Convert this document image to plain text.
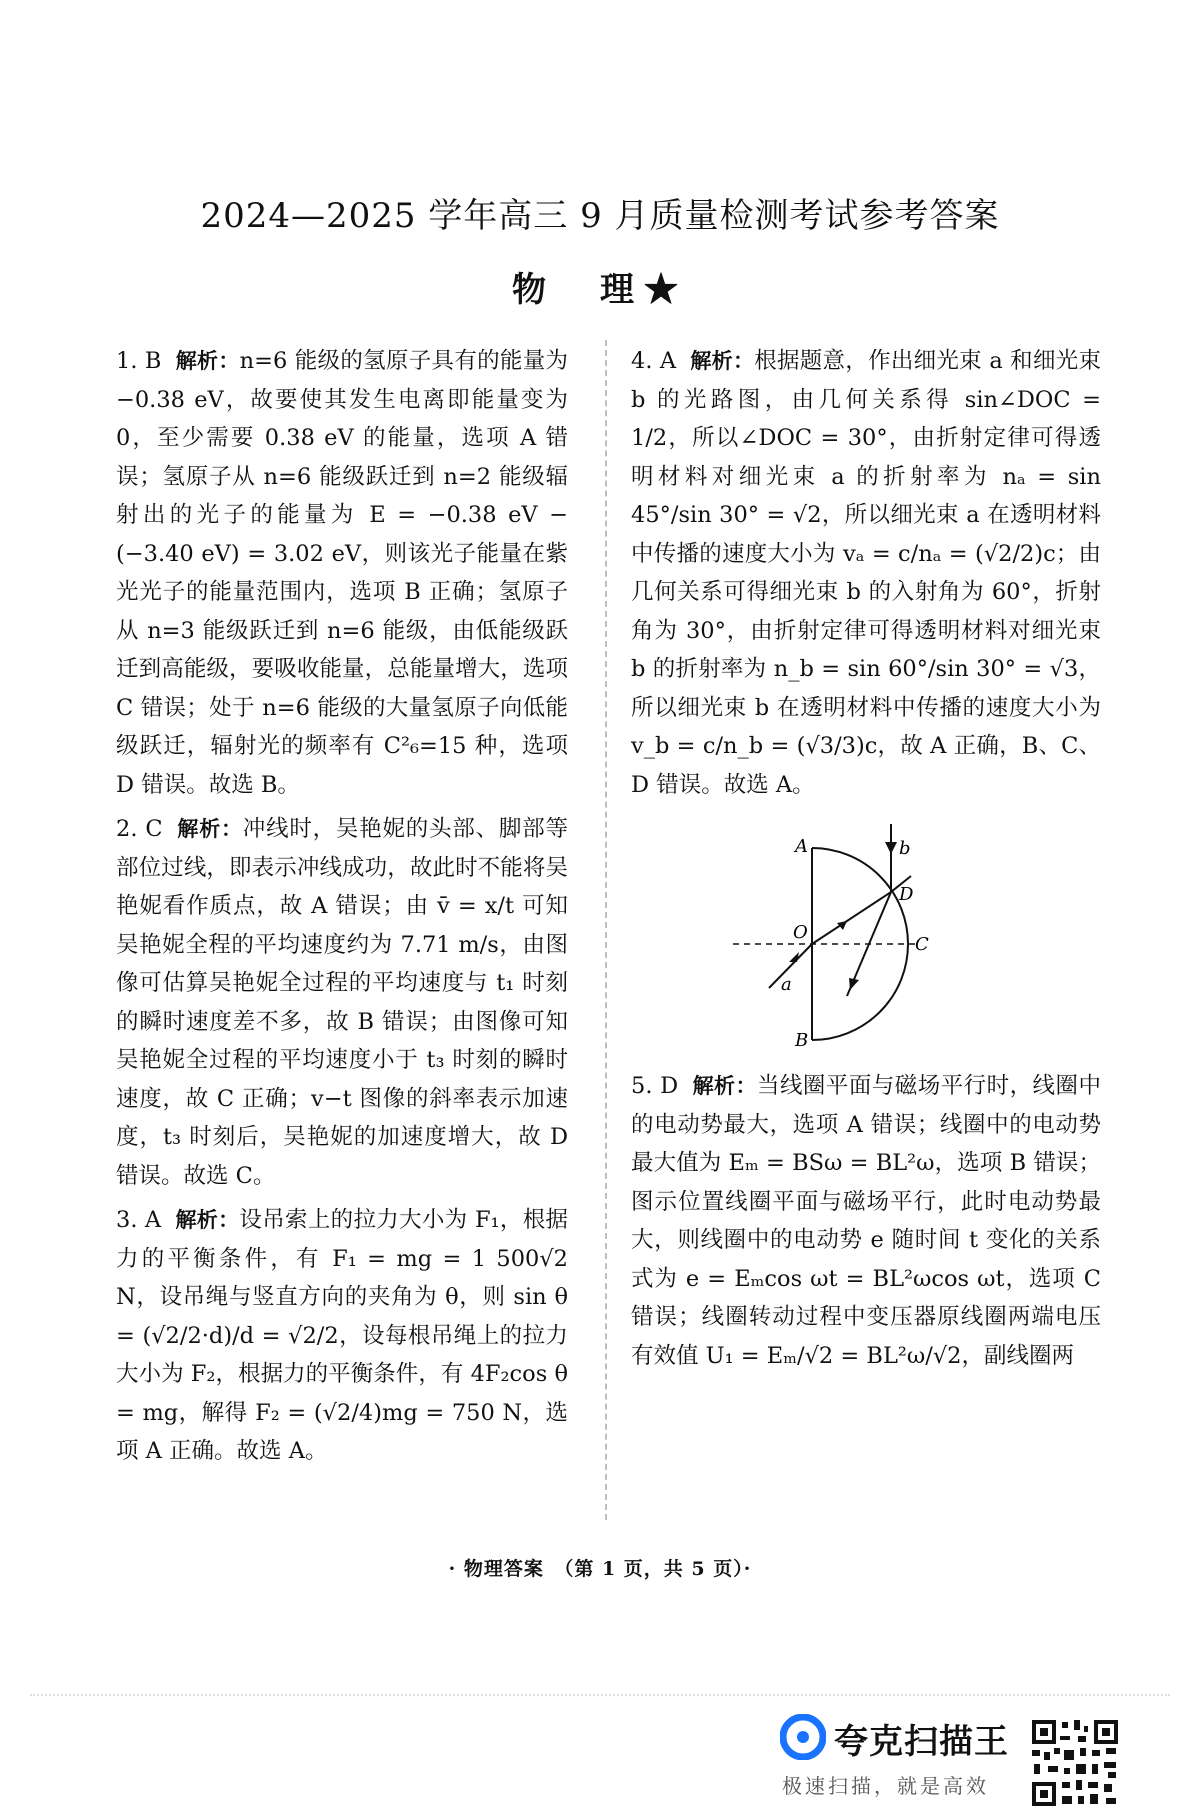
2024—2025 学年高三 9 月质量检测考试参考答案
物　理★
1. B 解析：n=6 能级的氢原子具有的能量为 −0.38 eV，故要使其发生电离即能量变为 0，至少需要 0.38 eV 的能量，选项 A 错误；氢原子从 n=6 能级跃迁到 n=2 能级辐射出的光子的能量为 E = −0.38 eV − (−3.40 eV) = 3.02 eV，则该光子能量在紫光光子的能量范围内，选项 B 正确；氢原子从 n=3 能级跃迁到 n=6 能级，由低能级跃迁到高能级，要吸收能量，总能量增大，选项 C 错误；处于 n=6 能级的大量氢原子向低能级跃迁，辐射光的频率有 C²₆=15 种，选项 D 错误。故选 B。
2. C 解析：冲线时，吴艳妮的头部、脚部等部位过线，即表示冲线成功，故此时不能将吴艳妮看作质点，故 A 错误；由 v̄ = x/t 可知吴艳妮全程的平均速度约为 7.71 m/s，由图像可估算吴艳妮全过程的平均速度与 t₁ 时刻的瞬时速度差不多，故 B 错误；由图像可知吴艳妮全过程的平均速度小于 t₃ 时刻的瞬时速度，故 C 正确；v−t 图像的斜率表示加速度，t₃ 时刻后，吴艳妮的加速度增大，故 D 错误。故选 C。
3. A 解析：设吊索上的拉力大小为 F₁，根据力的平衡条件，有 F₁ = mg = 1 500√2 N，设吊绳与竖直方向的夹角为 θ，则 sin θ = (√2/2·d)/d = √2/2，设每根吊绳上的拉力大小为 F₂，根据力的平衡条件，有 4F₂cos θ = mg，解得 F₂ = (√2/4)mg = 750 N，选项 A 正确。故选 A。
4. A 解析：根据题意，作出细光束 a 和细光束 b 的光路图，由几何关系得 sin∠DOC = 1/2，所以∠DOC = 30°，由折射定律可得透明材料对细光束 a 的折射率为 nₐ = sin 45°/sin 30° = √2，所以细光束 a 在透明材料中传播的速度大小为 vₐ = c/nₐ = (√2/2)c；由几何关系可得细光束 b 的入射角为 60°，折射角为 30°，由折射定律可得透明材料对细光束 b 的折射率为 n_b = sin 60°/sin 30° = √3，所以细光束 b 在透明材料中传播的速度大小为 v_b = c/n_b = (√3/3)c，故 A 正确，B、C、D 错误。故选 A。
A	b
D
O
C
a
B
5. D 解析：当线圈平面与磁场平行时，线圈中的电动势最大，选项 A 错误；线圈中的电动势最大值为 Eₘ = BSω = BL²ω，选项 B 错误；图示位置线圈平面与磁场平行，此时电动势最大，则线圈中的电动势 e 随时间 t 变化的关系式为 e = Eₘcos ωt = BL²ωcos ωt，选项 C 错误；线圈转动过程中变压器原线圈两端电压有效值 U₁ = Eₘ/√2 = BL²ω/√2，副线圈两
· 物理答案　（第 1 页，共 5 页）·
夸克扫描王
极速扫描，就是高效
